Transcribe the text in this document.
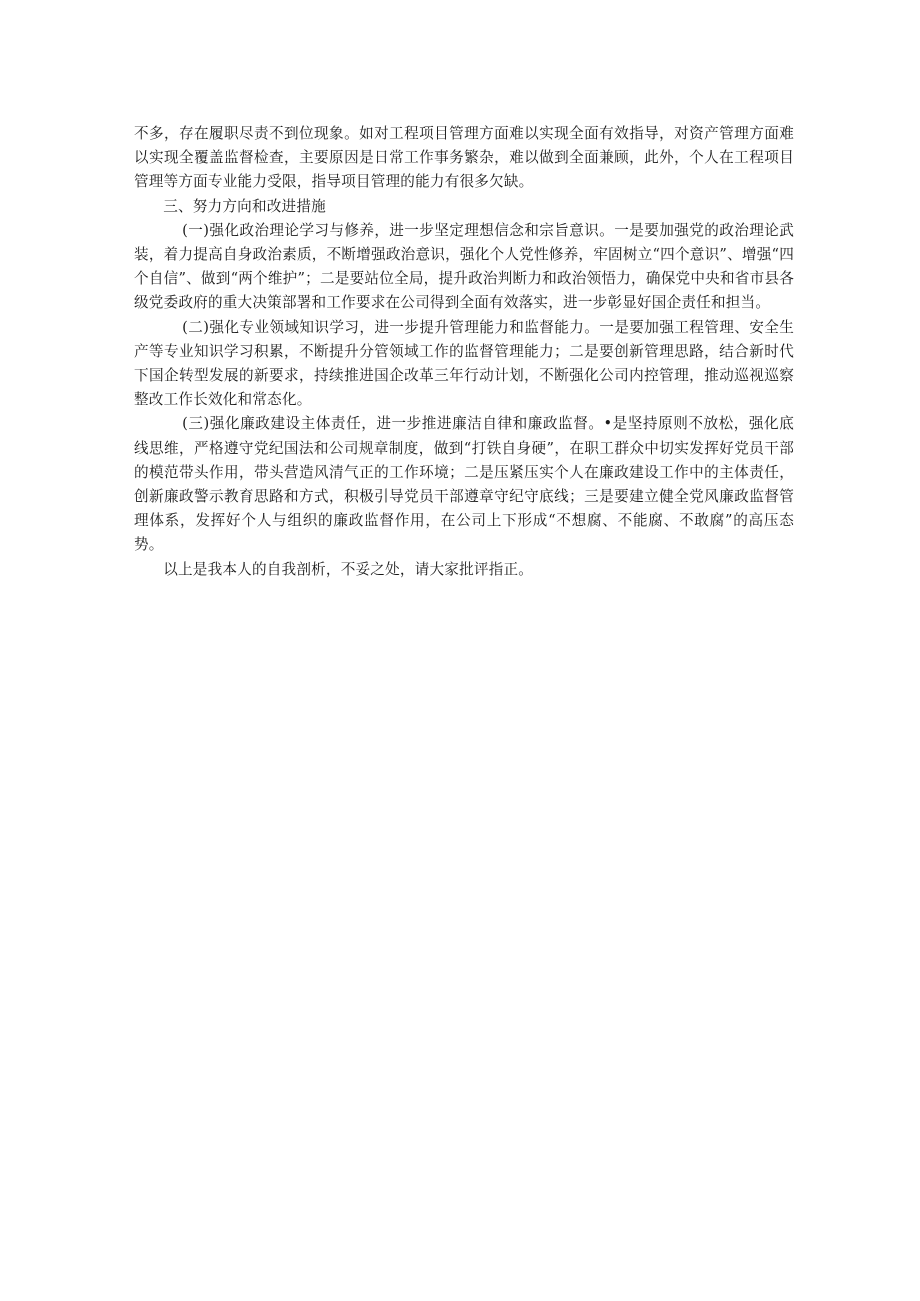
不多，存在履职尽责不到位现象。如对工程项目管理方面难以实现全面有效指导，对资产管理方面难以实现全覆盖监督检查，主要原因是日常工作事务繁杂，难以做到全面兼顾，此外，个人在工程项目管理等方面专业能力受限，指导项目管理的能力有很多欠缺。

三、努力方向和改进措施

(一)强化政治理论学习与修养，进一步坚定理想信念和宗旨意识。一是要加强党的政治理论武装，着力提高自身政治素质，不断增强政治意识，强化个人党性修养，牢固树立“四个意识”、增强“四个自信”、做到“两个维护”；二是要站位全局，提升政治判断力和政治领悟力，确保党中央和省市县各级党委政府的重大决策部署和工作要求在公司得到全面有效落实，进一步彰显好国企责任和担当。

(二)强化专业领域知识学习，进一步提升管理能力和监督能力。一是要加强工程管理、安全生产等专业知识学习积累，不断提升分管领域工作的监督管理能力；二是要创新管理思路，结合新时代下国企转型发展的新要求，持续推进国企改革三年行动计划，不断强化公司内控管理，推动巡视巡察整改工作长效化和常态化。

(三)强化廉政建设主体责任，进一步推进廉洁自律和廉政监督。•是坚持原则不放松，强化底线思维，严格遵守党纪国法和公司规章制度，做到“打铁自身硬”，在职工群众中切实发挥好党员干部的模范带头作用，带头营造风清气正的工作环境；二是压紧压实个人在廉政建设工作中的主体责任，创新廉政警示教育思路和方式，积极引导党员干部遵章守纪守底线；三是要建立健全党风廉政监督管理体系，发挥好个人与组织的廉政监督作用，在公司上下形成“不想腐、不能腐、不敢腐”的高压态势。

以上是我本人的自我剖析，不妥之处，请大家批评指正。
